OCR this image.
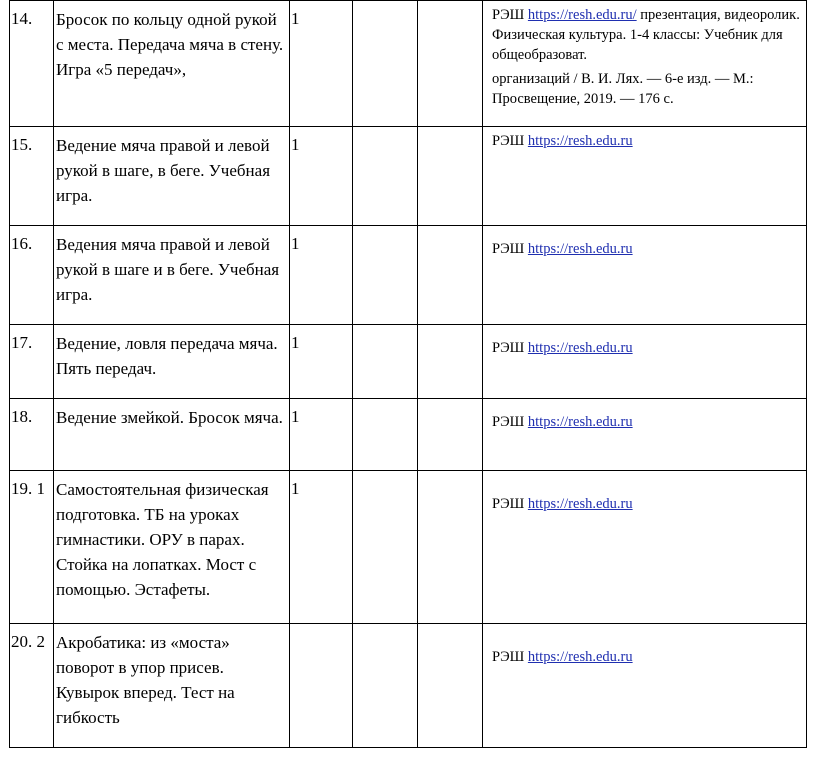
14.	Бросок по кольцу одной рукой с места. Передача мяча в стену. Игра «5 передач»,	1			РЭШ https://resh.edu.ru/ презентация, видеоролик. Физическая культура. 1-4 классы: Учебник для общеобразоват.
организаций / В. И. Лях. — 6-е изд. — М.: Просвещение, 2019. — 176 с.

15.	Ведение мяча правой и левой рукой в шаге, в беге. Учебная игра.	1			РЭШ https://resh.edu.ru

16.	Ведения мяча правой и левой рукой в шаге и в беге. Учебная игра.	1			РЭШ https://resh.edu.ru

17.	Ведение, ловля передача мяча. Пять передач.	1			РЭШ https://resh.edu.ru

18.	Ведение змейкой. Бросок мяча.	1			РЭШ https://resh.edu.ru

19. 1	Самостоятельная физическая подготовка. ТБ на уроках гимнастики. ОРУ в парах. Стойка на лопатках. Мост с помощью. Эстафеты.	1			РЭШ https://resh.edu.ru

20. 2	Акробатика: из «моста» поворот в упор присев. Кувырок вперед. Тест на гибкость				РЭШ https://resh.edu.ru
